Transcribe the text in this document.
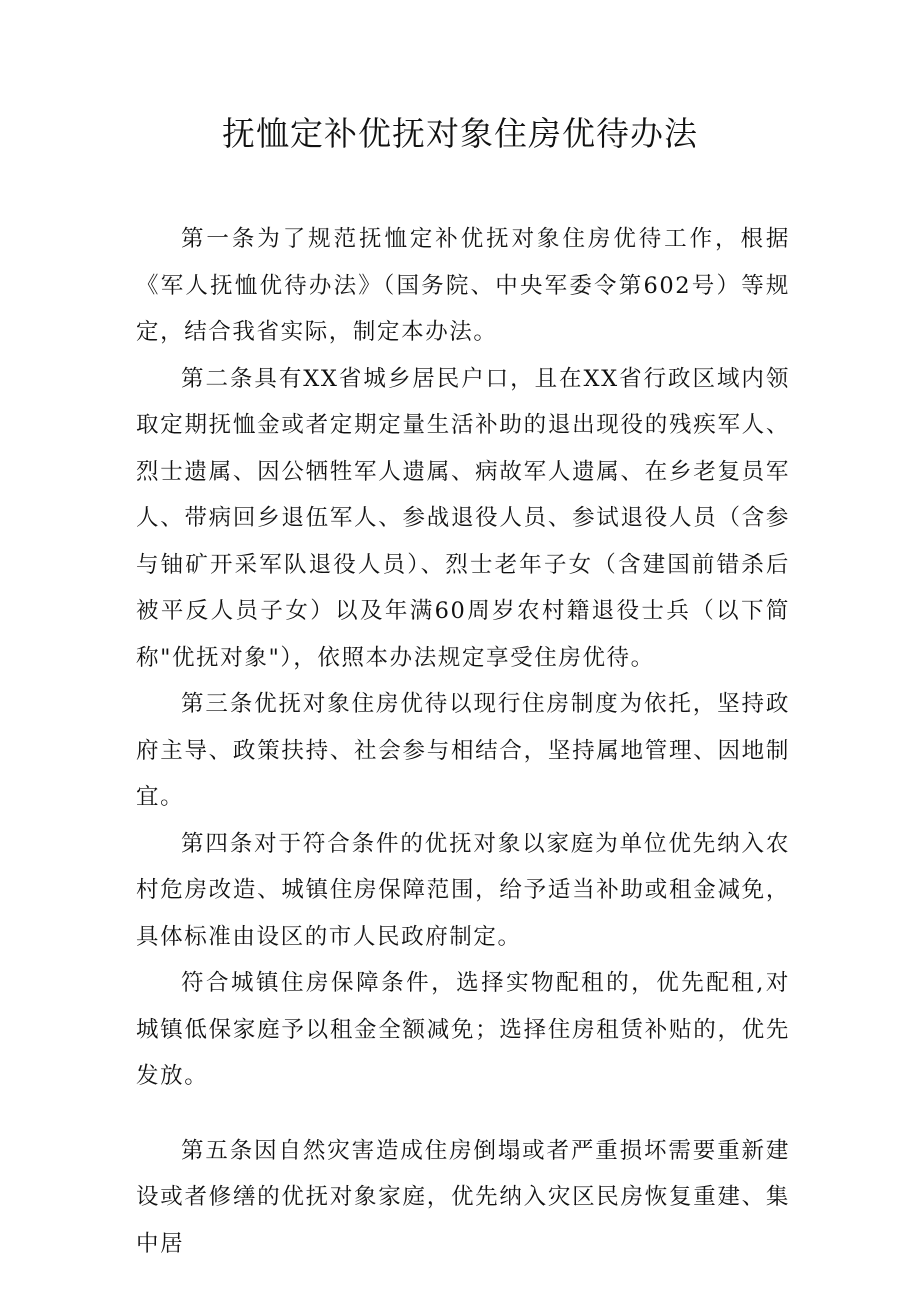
抚恤定补优抚对象住房优待办法

第一条为了规范抚恤定补优抚对象住房优待工作，根据《军人抚恤优待办法》（国务院、中央军委令第602号）等规定，结合我省实际，制定本办法。

第二条具有XX省城乡居民户口，且在XX省行政区域内领取定期抚恤金或者定期定量生活补助的退出现役的残疾军人、烈士遗属、因公牺牲军人遗属、病故军人遗属、在乡老复员军人、带病回乡退伍军人、参战退役人员、参试退役人员（含参与铀矿开采军队退役人员）、烈士老年子女（含建国前错杀后被平反人员子女）以及年满60周岁农村籍退役士兵（以下简称"优抚对象"），依照本办法规定享受住房优待。

第三条优抚对象住房优待以现行住房制度为依托，坚持政府主导、政策扶持、社会参与相结合，坚持属地管理、因地制宜。

第四条对于符合条件的优抚对象以家庭为单位优先纳入农村危房改造、城镇住房保障范围，给予适当补助或租金减免，具体标准由设区的市人民政府制定。

符合城镇住房保障条件，选择实物配租的，优先配租,对城镇低保家庭予以租金全额减免；选择住房租赁补贴的，优先发放。

第五条因自然灾害造成住房倒塌或者严重损坏需要重新建设或者修缮的优抚对象家庭，优先纳入灾区民房恢复重建、集中居
